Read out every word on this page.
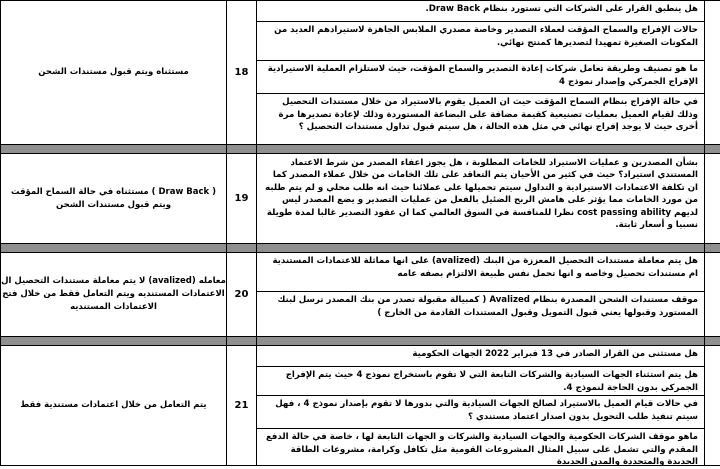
مستثناه ويتم قبول مستندات الشحن	18	هل ينطبق القرار على الشركات التي تستورد بنظام Draw Back.
حالات الإفراج والسماح المؤقت لعملاء التصدير وخاصة مصدري الملابس الجاهزة لاستيرادهم العديد من المكونات الصغيرة تمهيدا لتصديرها كمنتج نهائي.
ما هو تصنيف وطريقة تعامل شركات إعادة التصدير والسماح المؤقت، حيث لاستلزام العملية الاستيرادية الإفراج الجمركي وإصدار نموذج 4
في حالة الإفراج بنظام السماح المؤقت حيث ان العميل يقوم بالاستيراد من خلال مستندات التحصيل وذلك لقيام العميل بعمليات تصنيعية كقيمة مضافة على البضاعة المستوردة وذلك لإعادة تصديرها مرة أخرى حيث لا يوجد إفراج نهائي في مثل هذه الحالة ، هل سيتم قبول تداول مستندات التحصيل ؟	

مستثناه في حالة السماح المؤقت ( Draw Back ) ويتم قبول مستندات الشحن	19	بشأن المصدرين و عمليات الاستيراد للخامات المطلوبة ، هل يجوز اعفاء المصدر من شرط الاعتماد المستندي استيراد؟ حيث في كثير من الأحيان يتم التعاقد على تلك الخامات من خلال عملاء المصدر كما ان تكلفة الاعتمادات الاستيرادية و التداول سيتم تحميلها على عملائنا حيث انه طلب محلي و لم يتم طلبه من مورد الخامات مما يؤثر على هامش الربح الضئيل بالفعل من عمليات التصدير و يضع المصدر ليس لديهم cost passing ability نظرا للمنافسة في السوق العالمي كما ان عقود التصدير غالبا لمدة طويلة نسبيا و أسعار ثابتة.	

لا يتم معاملة مستندات التحصيل ال (avalized) معامله الاعتمادات المستنديه ويتم التعامل فقط من خلال فتح الاعتمادات المستنديه	20	هل يتم معاملة مستندات التحصيل المعززة من البنك (avalized) على انها مماثلة للاعتمادات المستندية ام مستندات تحصيل وخاصه و انها تحمل نفس طبيعة الالتزام بصفه عامه
موقف مستندات الشحن المصدرة بنظام Avalized ( كمبيالة مقبولة تصدر من بنك المصدر ترسل لبنك المستورد وقبولها يعني قبول التمويل وقبول المستندات القادمة من الخارج )	

يتم التعامل من خلال اعتمادات مستندية فقط	21	هل مستثنى من القرار الصادر في 13 فبراير 2022 الجهات الحكومية
هل يتم استثناء الجهات السيادية والشركات التابعة التي لا تقوم باستخراج نموذج 4 حيث يتم الإفراج الجمركي بدون الحاجة لنموذج 4.
في حالات قيام العميل بالاستيراد لصالح الجهات السيادية والتي بدورها لا تقوم بإصدار نموذج 4 ، فهل سيتم تنفيذ طلب التحويل بدون اصدار اعتماد مستندي ؟
ماهو موقف الشركات الحكومية والجهات السيادية والشركات و الجهات التابعة لها ، خاصة في حالة الدفع المقدم والتي تشمل على سبيل المثال المشروعات القومية مثل تكافل وكرامة، مشروعات الطاقة الجديدة والمتجددة والمدن الجديدة	
